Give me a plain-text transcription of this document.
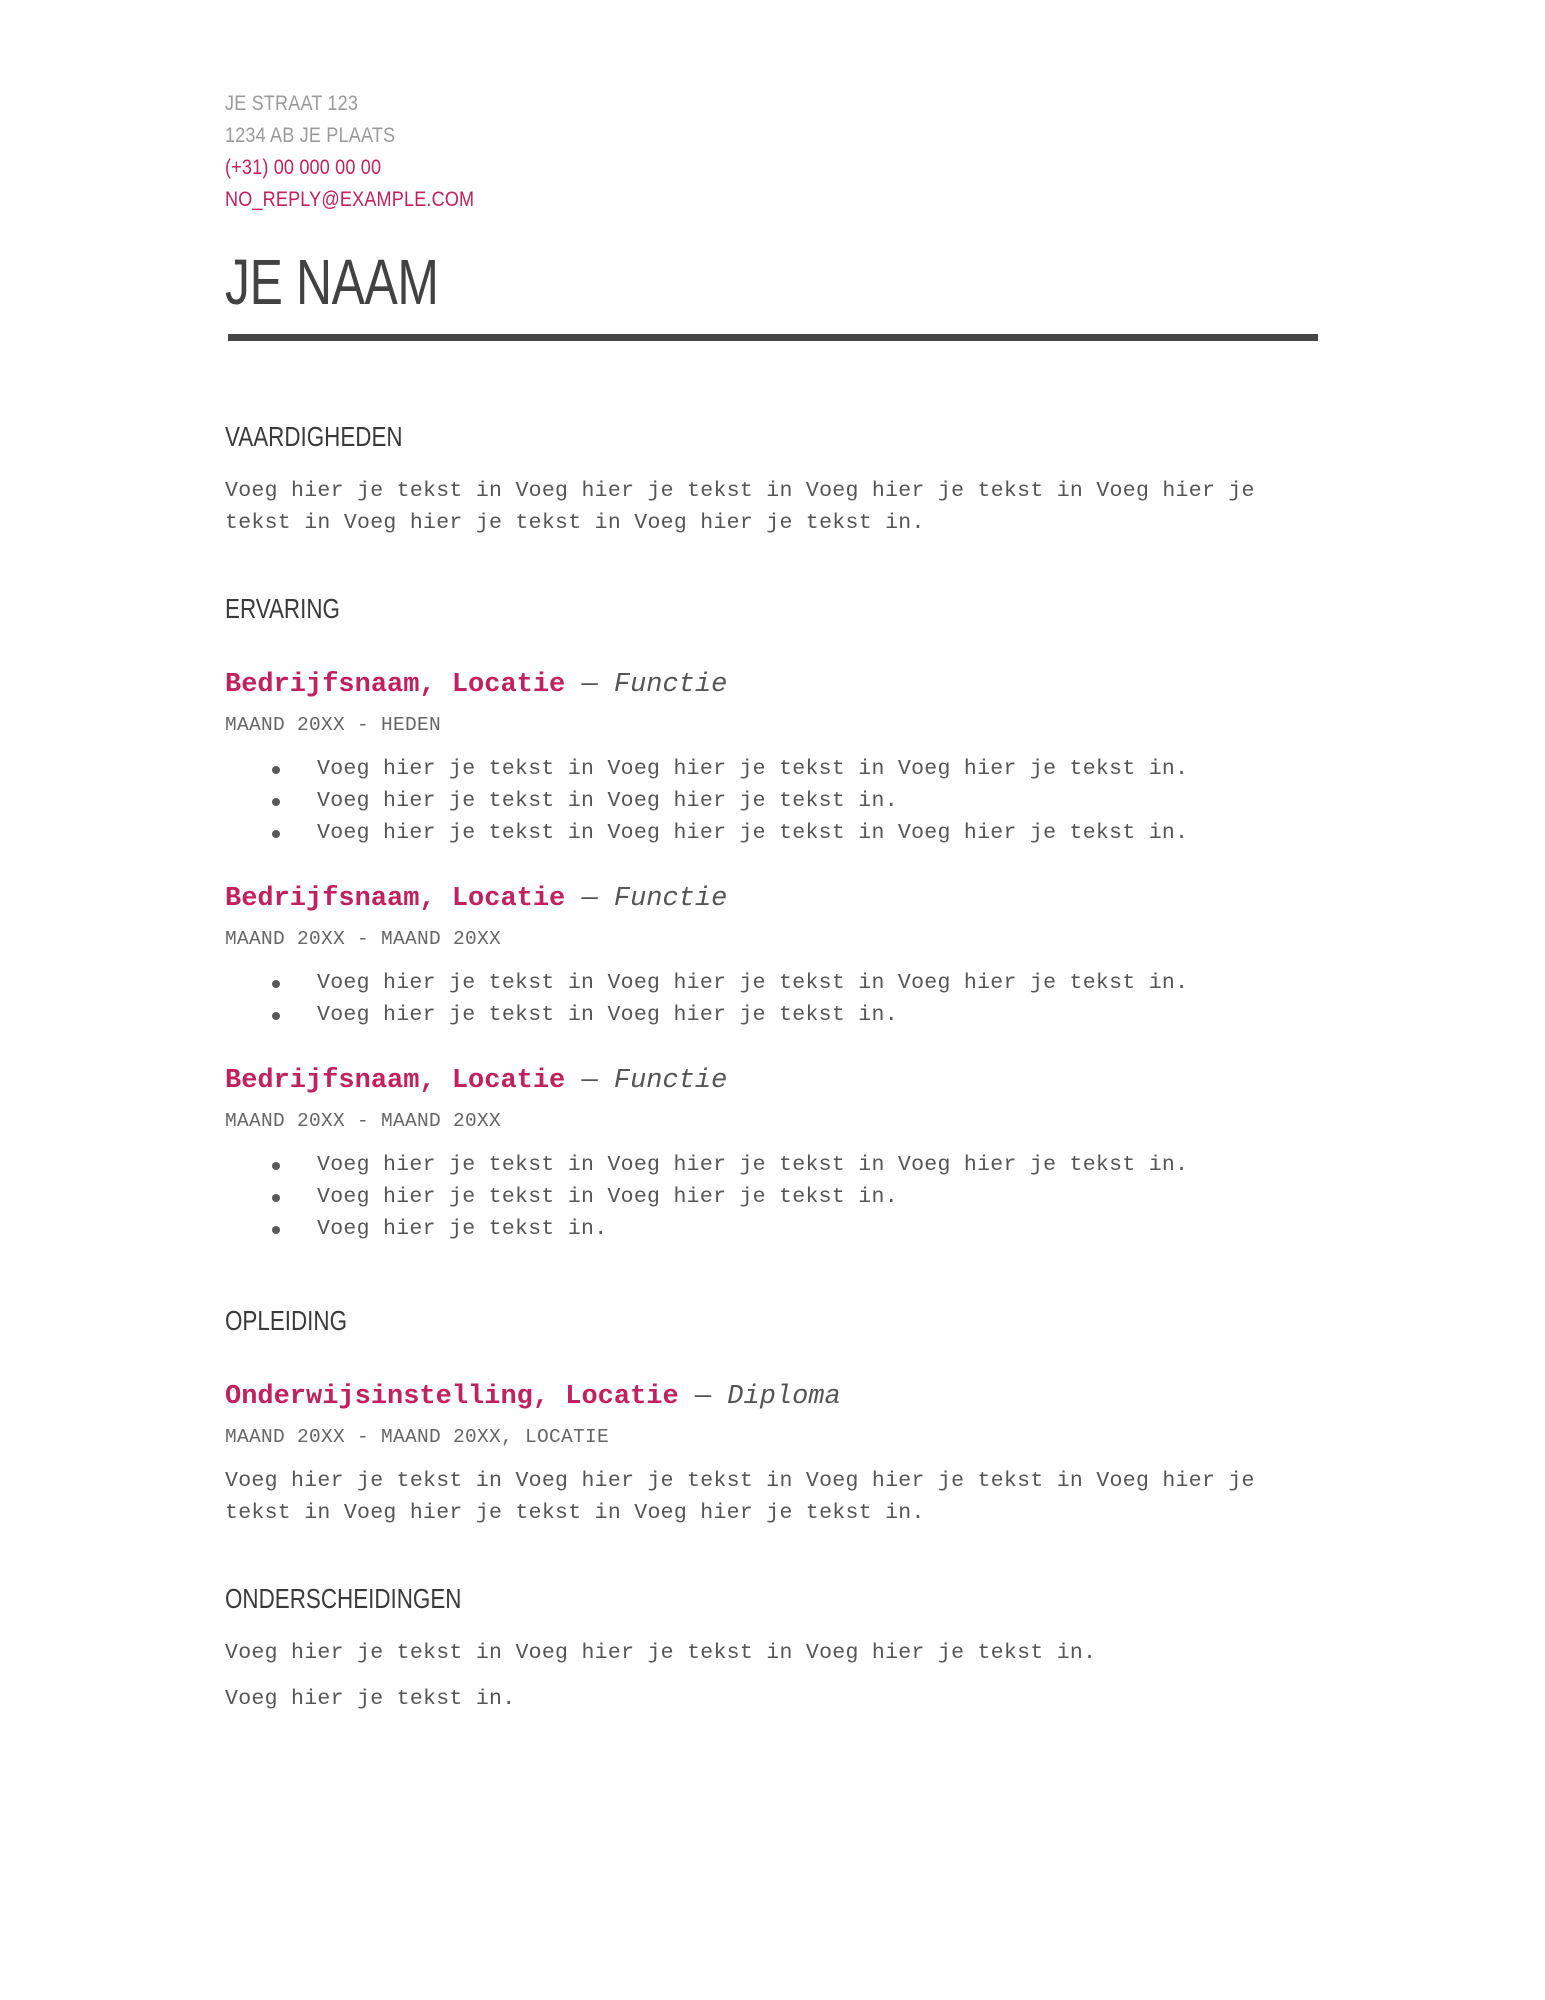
JE STRAAT 123
1234 AB JE PLAATS
(+31) 00 000 00 00
NO_REPLY@EXAMPLE.COM
JE NAAM
VAARDIGHEDEN
Voeg hier je tekst in Voeg hier je tekst in Voeg hier je tekst in Voeg hier je
tekst in Voeg hier je tekst in Voeg hier je tekst in.
ERVARING
Bedrijfsnaam, Locatie — Functie
MAAND 20XX - HEDEN
Voeg hier je tekst in Voeg hier je tekst in Voeg hier je tekst in.
Voeg hier je tekst in Voeg hier je tekst in.
Voeg hier je tekst in Voeg hier je tekst in Voeg hier je tekst in.
Bedrijfsnaam, Locatie — Functie
MAAND 20XX - MAAND 20XX
Voeg hier je tekst in Voeg hier je tekst in Voeg hier je tekst in.
Voeg hier je tekst in Voeg hier je tekst in.
Bedrijfsnaam, Locatie — Functie
MAAND 20XX - MAAND 20XX
Voeg hier je tekst in Voeg hier je tekst in Voeg hier je tekst in.
Voeg hier je tekst in Voeg hier je tekst in.
Voeg hier je tekst in.
OPLEIDING
Onderwijsinstelling, Locatie — Diploma
MAAND 20XX - MAAND 20XX, LOCATIE
Voeg hier je tekst in Voeg hier je tekst in Voeg hier je tekst in Voeg hier je
tekst in Voeg hier je tekst in Voeg hier je tekst in.
ONDERSCHEIDINGEN
Voeg hier je tekst in Voeg hier je tekst in Voeg hier je tekst in.
Voeg hier je tekst in.
